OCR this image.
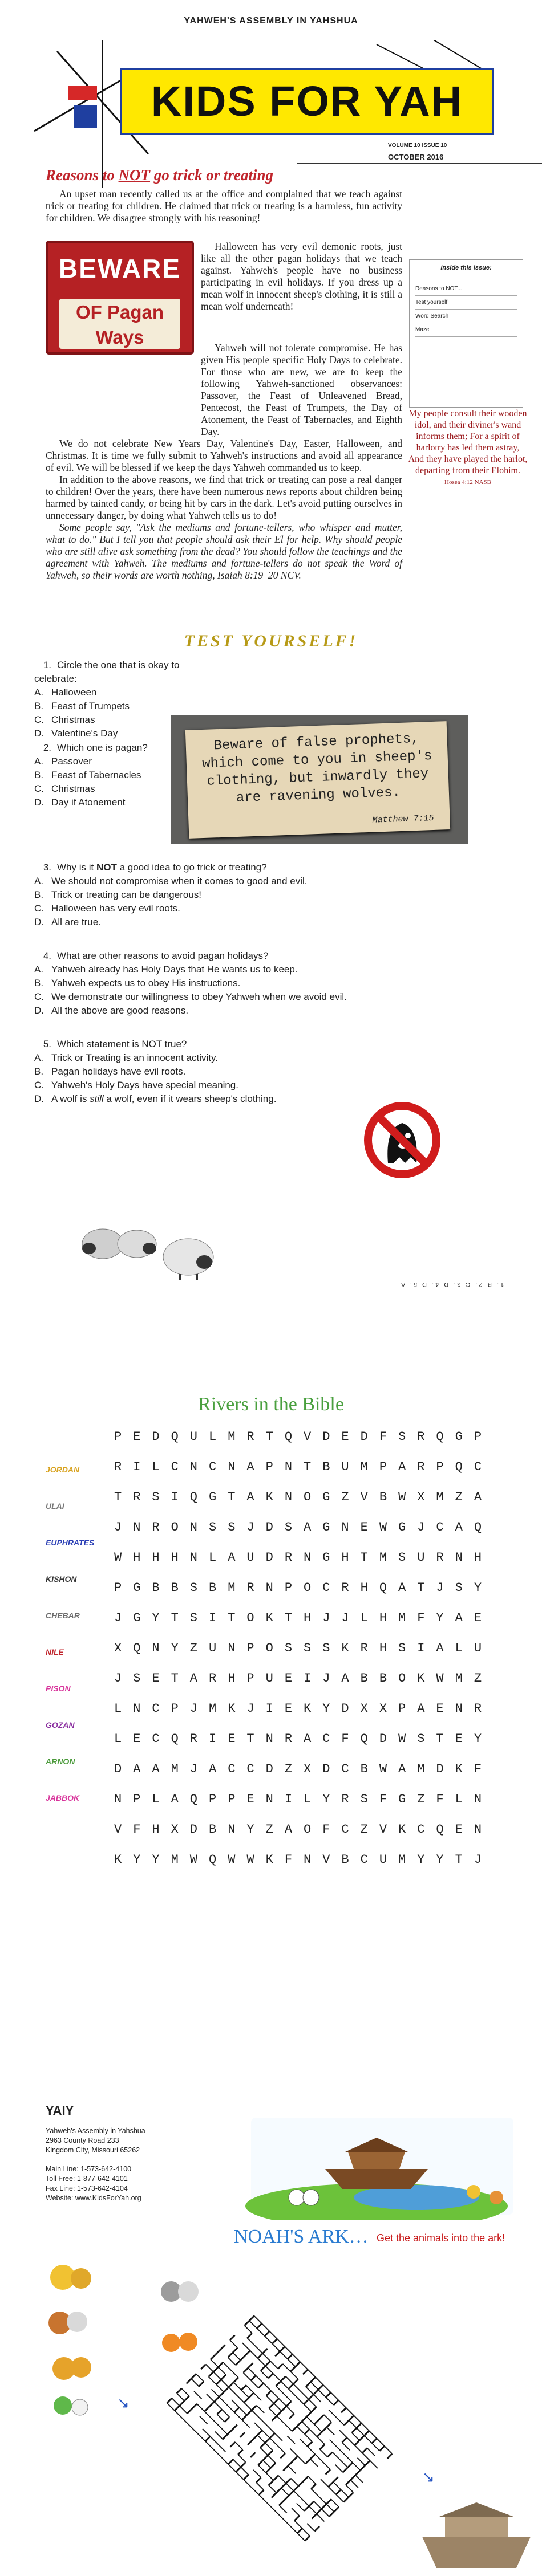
YAHWEH'S ASSEMBLY IN YAHSHUA
KIDS FOR YAH
VOLUME 10 ISSUE 10
OCTOBER 2016
Reasons to NOT go trick or treating
An upset man recently called us at the office and complained that we teach against trick or treating for children. He claimed that trick or treating is a harmless, fun activity for children. We disagree strongly with his reasoning!
BEWARE
OF Pagan
Ways
Halloween has very evil demonic roots, just like all the other pagan holidays that we teach against. Yahweh's people have no business participating in evil holidays. If you dress up a mean wolf in innocent sheep's clothing, it is still a mean wolf underneath!
Yahweh will not tolerate compromise. He has given His people specific Holy Days to celebrate. For those who are new, we are to keep the following Yahweh-sanctioned observances: Passover, the Feast of Unleavened Bread, Pentecost, the Feast of Trumpets, the Day of Atonement, the Feast of Tabernacles, and Eighth Day.
We do not celebrate New Years Day, Valentine's Day, Easter, Halloween, and Christmas. It is time we fully submit to Yahweh's instructions and avoid all appearance of evil. We will be blessed if we keep the days Yahweh commanded us to keep.
In addition to the above reasons, we find that trick or treating can pose a real danger to children! Over the years, there have been numerous news reports about children being harmed by tainted candy, or being hit by cars in the dark. Let's avoid putting ourselves in unnecessary danger, by doing what Yahweh tells us to do!
Some people say, "Ask the mediums and fortune-tellers, who whisper and mutter, what to do." But I tell you that people should ask their El for help. Why should people who are still alive ask something from the dead? You should follow the teachings and the agreement with Yahweh. The mediums and fortune-tellers do not speak the Word of Yahweh, so their words are worth nothing, Isaiah 8:19–20 NCV.
Inside this issue:
Reasons to NOT...
Test yourself!
Word Search
Maze
My people consult their wooden idol, and their diviner's wand informs them; For a spirit of harlotry has led them astray, And they have played the harlot, departing from their Elohim.
Hosea 4:12 NASB
TEST YOURSELF!
1. Circle the one that is okay to celebrate:
A. Halloween
B. Feast of Trumpets
C. Christmas
D. Valentine's Day
2. Which one is pagan?
A. Passover
B. Feast of Tabernacles
C. Christmas
D. Day if Atonement
Beware of false prophets, which come to you in sheep's clothing, but inwardly they are ravening wolves.
Matthew 7:15
3. Why is it NOT a good idea to go trick or treating?
A. We should not compromise when it comes to good and evil.
B. Trick or treating can be dangerous!
C. Halloween has very evil roots.
D. All are true.
4. What are other reasons to avoid pagan holidays?
A. Yahweh already has Holy Days that He wants us to keep.
B. Yahweh expects us to obey His instructions.
C. We demonstrate our willingness to obey Yahweh when we avoid evil.
D. All the above are good reasons.
5. Which statement is NOT true?
A. Trick or Treating is an innocent activity.
B. Pagan holidays have evil roots.
C. Yahweh's Holy Days have special meaning.
D. A wolf is still a wolf, even if it wears sheep's clothing.
1. B 2. C 3. D 4. D 5. A
Rivers in the Bible
PEDQULMRTQVDEDFSRQGP
RILCNCNAPNTBUMPARPQC
TRSIQGTAKNOGZVBWXMZA
JNRONSSJDSAGNEWGJCAQ
WHHHNLAUDRNGHTMSURNH
PGBBSBMRNPOCRHQATJSY
JGYTSITOKTHJJLHMFYAE
XQNYZUNPOSSSKRHSIALU
JSETARHPUEIJABBOKWMZ
LNCPJMKJIEKYDXXPAENR
LECQRIETNRACFQDWSTEY
DAAMJACCDZXDCBWAMDKF
NPLAQPPENILYRSFGZFLN
VFHXDBNYZAOFCZVKCQEN
KYYMWQWWKFNVBCUMYYTJ
JORDAN
ULAI
EUPHRATES
KISHON
CHEBAR
NILE
PISON
GOZAN
ARNON
JABBOK
YAIY
Yahweh's Assembly in Yahshua
2963 County Road 233
Kingdom City, Missouri 65262
Main Line: 1-573-642-4100
Toll Free: 1-877-642-4101
Fax Line: 1-573-642-4104
Website: www.KidsForYah.org
NOAH'S ARK… Get the animals into the ark!
↘
↘
